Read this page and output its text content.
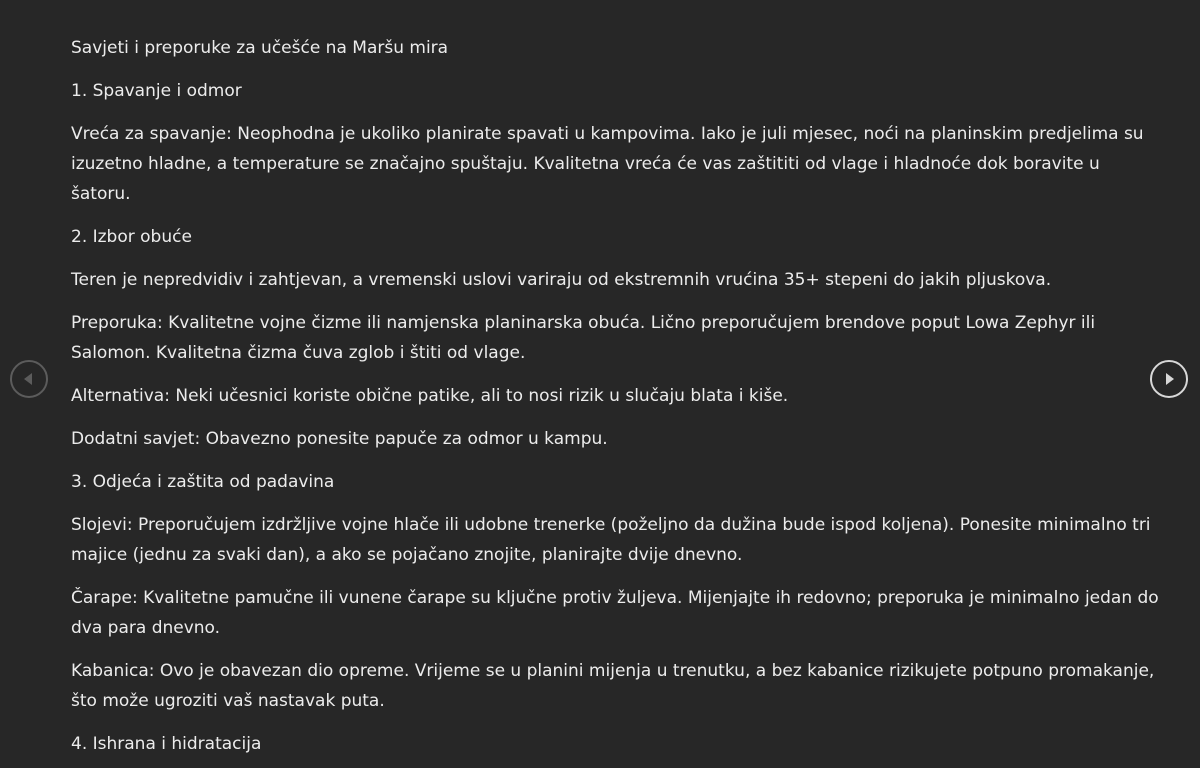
Savjeti i preporuke za učešće na Maršu mira

1. Spavanje i odmor

Vreća za spavanje: Neophodna je ukoliko planirate spavati u kampovima. Iako je juli mjesec, noći na planinskim predjelima su izuzetno hladne, a temperature se značajno spuštaju. Kvalitetna vreća će vas zaštititi od vlage i hladnoće dok boravite u šatoru.

2. Izbor obuće

Teren je nepredvidiv i zahtjevan, a vremenski uslovi variraju od ekstremnih vrućina 35+ stepeni do jakih pljuskova.

Preporuka: Kvalitetne vojne čizme ili namjenska planinarska obuća. Lično preporučujem brendove poput Lowa Zephyr ili  Salomon. Kvalitetna čizma čuva zglob i štiti od vlage.

Alternativa: Neki učesnici koriste obične patike, ali to nosi rizik u slučaju blata i kiše.

Dodatni savjet: Obavezno ponesite papuče za odmor u kampu.

3. Odjeća i zaštita od padavina

Slojevi: Preporučujem izdržljive vojne hlače ili udobne trenerke (poželjno da dužina bude ispod koljena). Ponesite minimalno tri majice (jednu za svaki dan), a ako se pojačano znojite, planirajte dvije dnevno.

Čarape: Kvalitetne pamučne ili vunene čarape su ključne protiv žuljeva. Mijenjajte ih redovno; preporuka je minimalno jedan do dva para dnevno.

Kabanica: Ovo je obavezan dio opreme. Vrijeme se u planini mijenja u trenutku, a bez kabanice rizikujete potpuno promakanje, što može ugroziti vaš nastavak puta.

4. Ishrana i hidratacija
